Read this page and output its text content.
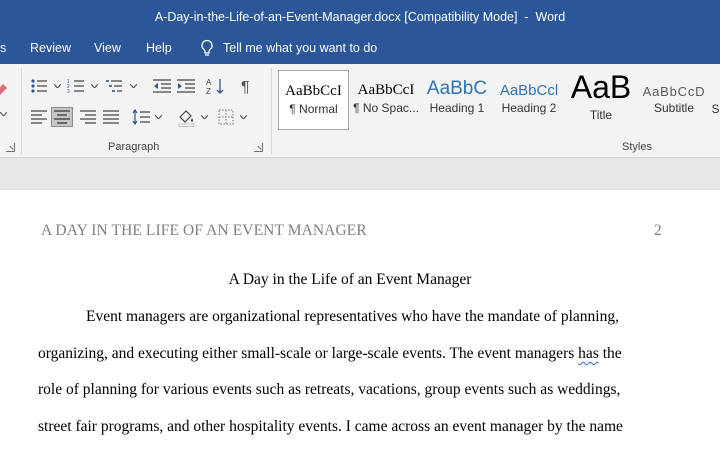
A-Day-in-the-Life-of-an-Event-Manager.docx [Compatibility Mode]  -  Word
s Review View Help	Tell me what you want to do
1
2
3
A
Z ¶
Paragraph
AaBbCcI
¶ Normal
AaBbCcI
¶ No Spac...
AaBbC
Heading 1
AaBbCcl
Heading 2
AaB
Title
AaBbCcD
Subtitle	S
Styles
A DAY IN THE LIFE OF AN EVENT MANAGER	2
A Day in the Life of an Event Manager
Event managers are organizational representatives who have the mandate of planning,
organizing, and executing either small-scale or large-scale events. The event managers has the
role of planning for various events such as retreats, vacations, group events such as weddings,
street fair programs, and other hospitality events. I came across an event manager by the name
